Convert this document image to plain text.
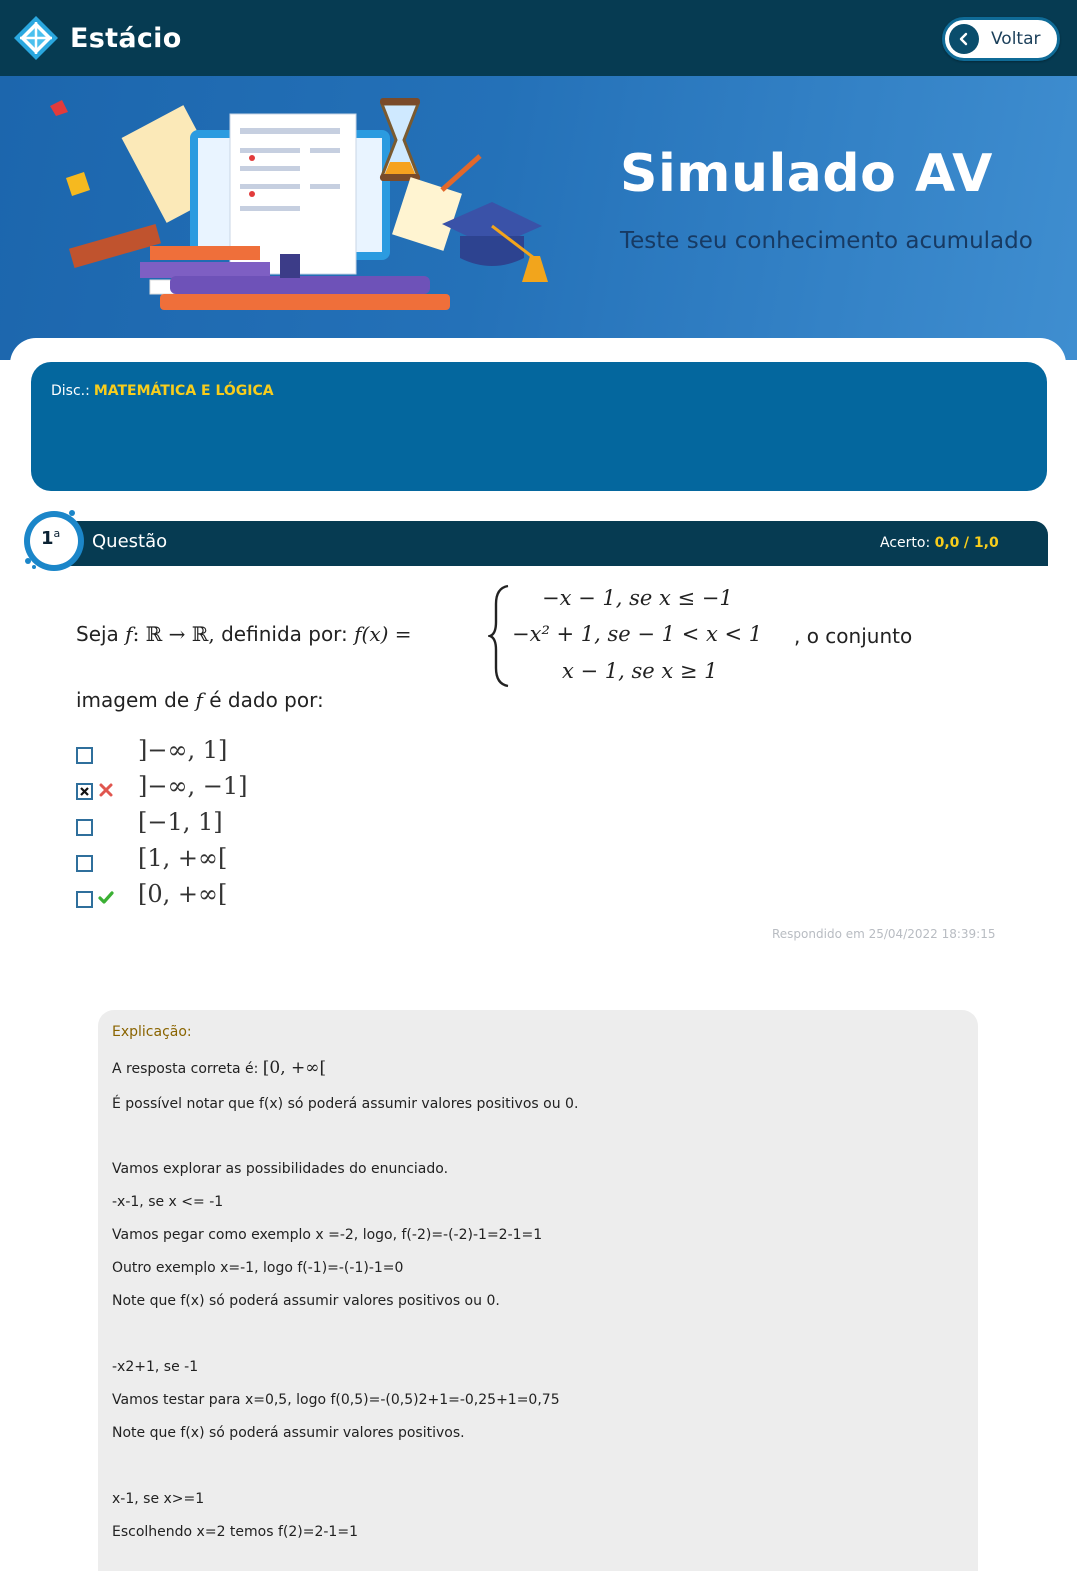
Estácio	Voltar
Simulado AV
Teste seu conhecimento acumulado
Disc.: MATEMÁTICA E LÓGICA
1$^a$ Questão	Acerto: 0,0 / 1,0
Seja f: ℝ → ℝ, definida por: f(x) =
−x − 1, se x ≤ −1
−x² + 1, se − 1 < x < 1
x − 1, se x ≥ 1
, o conjunto
imagem de f é dado por:
]−∞, 1]
]−∞, −1]
[−1, 1]
[1, +∞[
[0, +∞[
Respondido em 25/04/2022 18:39:15
Explicação:
A resposta correta é: [0, +∞[
É possível notar que f(x) só poderá assumir valores positivos ou 0.
Vamos explorar as possibilidades do enunciado.
-x-1, se x <= -1
Vamos pegar como exemplo x =-2, logo, f(-2)=-(-2)-1=2-1=1
Outro exemplo x=-1, logo f(-1)=-(-1)-1=0
Note que f(x) só poderá assumir valores positivos ou 0.
-x2+1, se -1
Vamos testar para x=0,5, logo f(0,5)=-(0,5)2+1=-0,25+1=0,75
Note que f(x) só poderá assumir valores positivos.
x-1, se x>=1
Escolhendo x=2 temos f(2)=2-1=1
